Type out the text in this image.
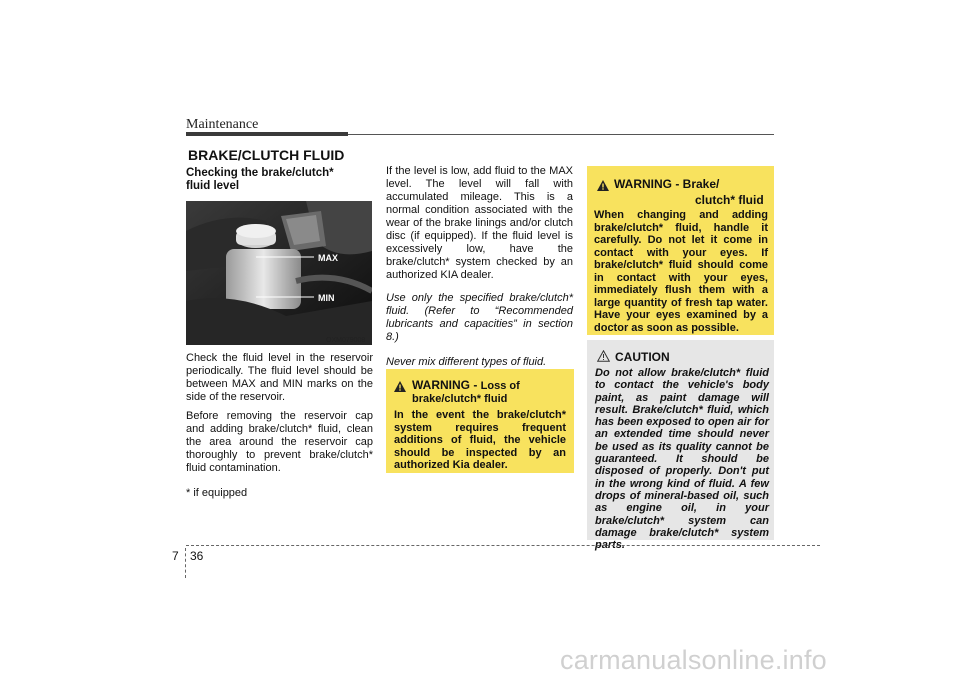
Maintenance
BRAKE/CLUTCH FLUID
Checking the brake/clutch*
fluid level
MAX
MIN
OXM079008

Check the fluid level in the reservoir periodically. The fluid level should be between MAX and MIN marks on the side of the reservoir.

Before removing the reservoir cap and adding brake/clutch* fluid, clean the area around the reservoir cap thoroughly to prevent brake/clutch* fluid contamination.

* if equipped

If the level is low, add fluid to the MAX level. The level will fall with accumulated mileage. This is a normal condition associated with the wear of the brake linings and/or clutch disc (if equipped). If the fluid level is excessively low, have the brake/clutch* system checked by an authorized KIA dealer.

Use only the specified brake/clutch* fluid. (Refer to “Recommended lubricants and capacities” in section 8.)

Never mix different types of fluid.

WARNING - Loss of
brake/clutch* fluid
In the event the brake/clutch* system requires frequent additions of fluid, the vehicle should be inspected by an authorized Kia dealer.
WARNING - Brake/
clutch* fluid
When changing and adding brake/clutch* fluid, handle it carefully. Do not let it come in contact with your eyes. If brake/clutch* fluid should come in contact with your eyes, immediately flush them with a large quantity of fresh tap water. Have your eyes examined by a doctor as soon as possible.
CAUTION
Do not allow brake/clutch* fluid to contact the vehicle's body paint, as paint damage will result. Brake/clutch* fluid, which has been exposed to open air for an extended time should never be used as its quality cannot be guaranteed. It should be disposed of properly. Don't put in the wrong kind of fluid. A few drops of mineral-based oil, such as engine oil, in your brake/clutch* system can damage brake/clutch* system parts.
7 36
carmanualsonline.info
